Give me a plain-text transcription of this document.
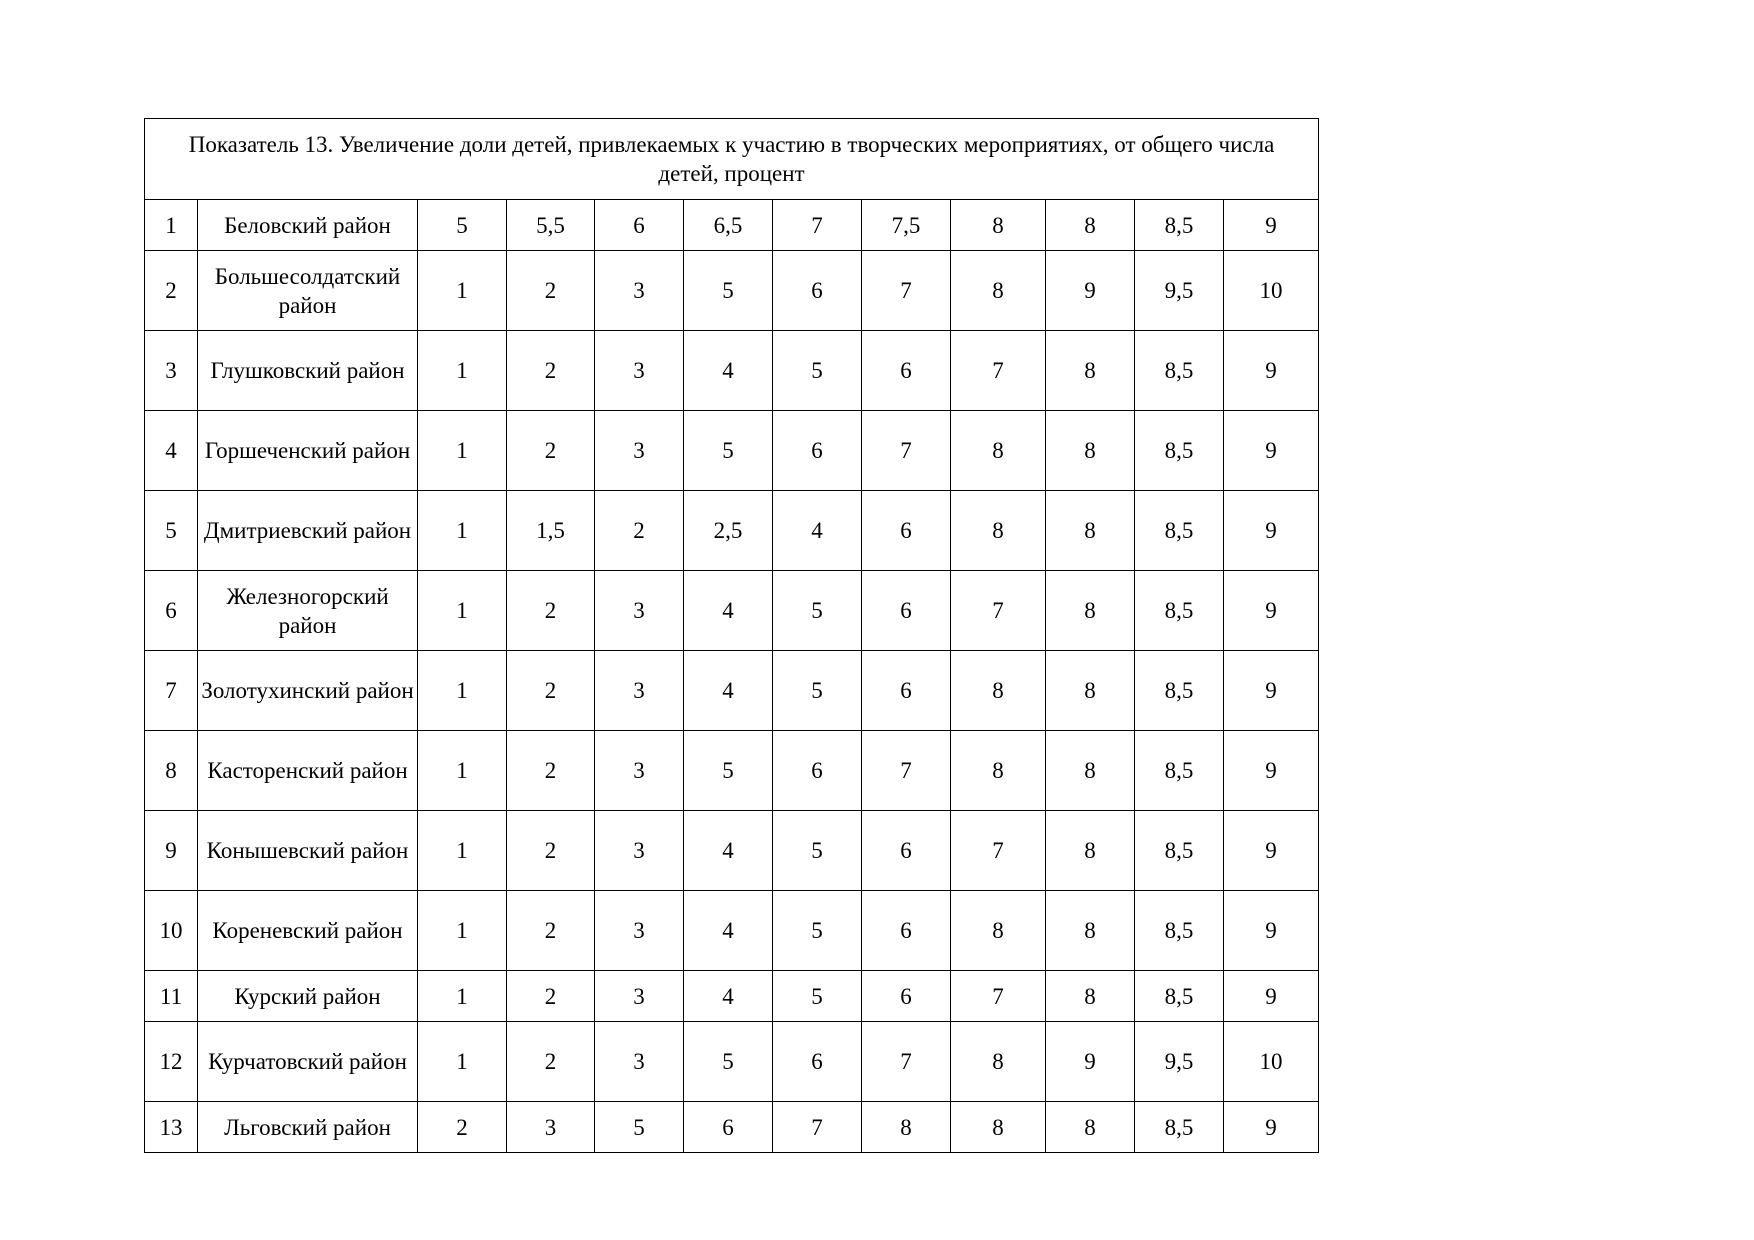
Показатель 13. Увеличение доли детей, привлекаемых к участию в творческих мероприятиях, от общего числа детей, процент											
1	Беловский район	5	5,5	6	6,5	7	7,5	8	8	8,5	9
2	Большесолдатский район	1	2	3	5	6	7	8	9	9,5	10
3	Глушковский район	1	2	3	4	5	6	7	8	8,5	9
4	Горшеченский район	1	2	3	5	6	7	8	8	8,5	9
5	Дмитриевский район	1	1,5	2	2,5	4	6	8	8	8,5	9
6	Железногорский район	1	2	3	4	5	6	7	8	8,5	9
7	Золотухинский район	1	2	3	4	5	6	8	8	8,5	9
8	Касторенский район	1	2	3	5	6	7	8	8	8,5	9
9	Конышевский район	1	2	3	4	5	6	7	8	8,5	9
10	Кореневский район	1	2	3	4	5	6	8	8	8,5	9
11	Курский район	1	2	3	4	5	6	7	8	8,5	9
12	Курчатовский район	1	2	3	5	6	7	8	9	9,5	10
13	Льговский район	2	3	5	6	7	8	8	8	8,5	9
